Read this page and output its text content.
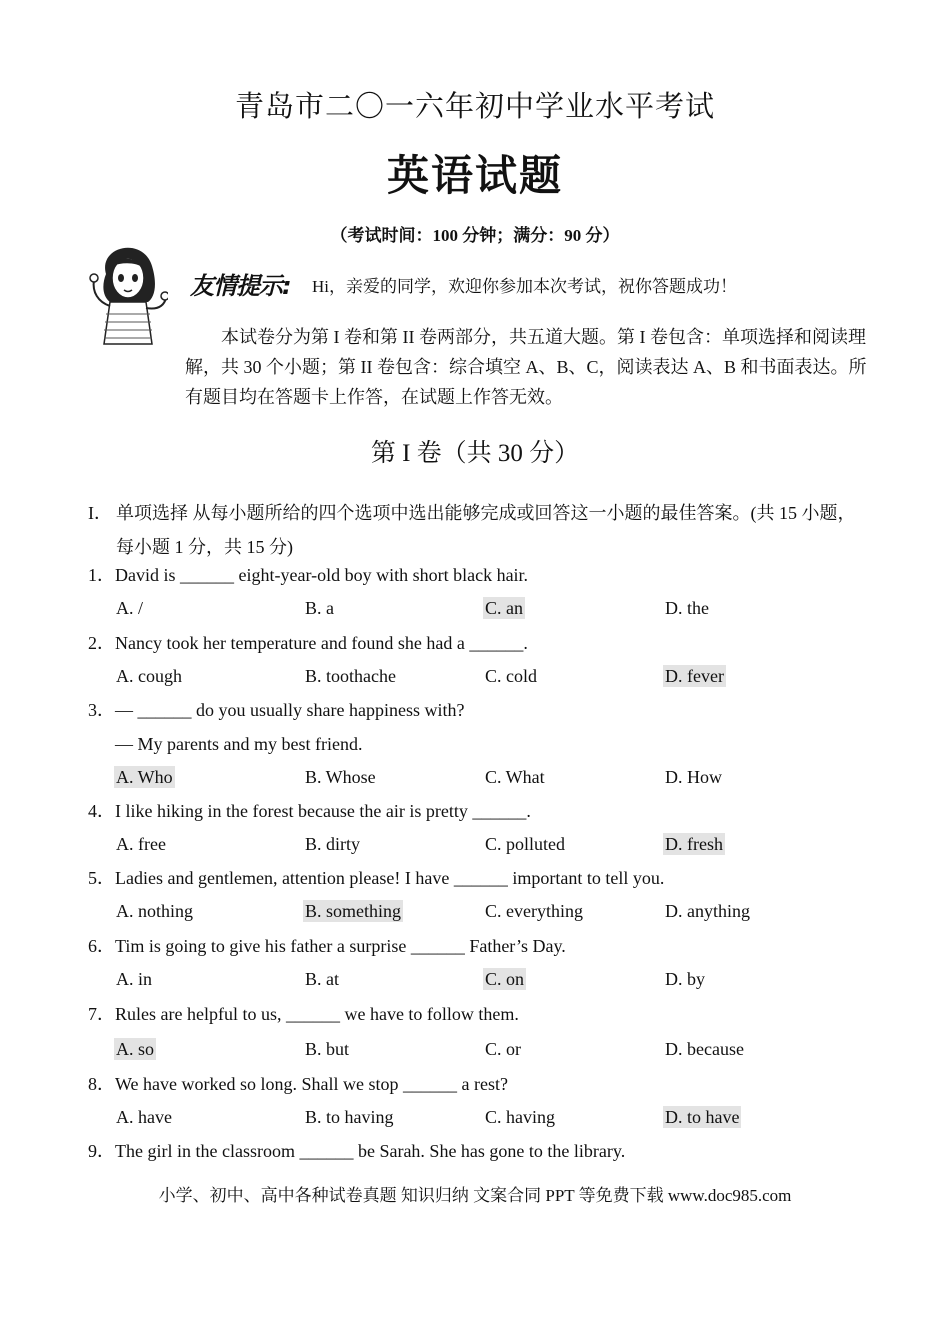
青岛市二〇一六年初中学业水平考试
英语试题
（考试时间：100 分钟；满分：90 分）
友情提示: Hi，亲爱的同学，欢迎你参加本次考试，祝你答题成功！
本试卷分为第 I 卷和第 II 卷两部分，共五道大题。第 I 卷包含：单项选择和阅读理解，共 30 个小题；第 II 卷包含：综合填空 A、B、C，阅读表达 A、B 和书面表达。所有题目均在答题卡上作答，在试题上作答无效。
第 I 卷（共 30 分）
I． 单项选择 从每小题所给的四个选项中选出能够完成或回答这一小题的最佳答案。(共 15 小题，每小题 1 分，共 15 分)
1．David is ______ eight-year-old boy with short black hair.
A. /	B. a	C. an	D. the
2．Nancy took her temperature and found she had a ______.
A. cough	B. toothache	C. cold	D. fever
3．— ______ do you usually share happiness with?
— My parents and my best friend.
A. Who	B. Whose	C. What	D. How
4．I like hiking in the forest because the air is pretty ______.
A. free	B. dirty	C. polluted	D. fresh
5．Ladies and gentlemen, attention please! I have ______ important to tell you.
A. nothing	B. something	C. everything	D. anything
6．Tim is going to give his father a surprise ______ Father’s Day.
A. in	B. at	C. on	D. by
7．Rules are helpful to us, ______ we have to follow them.
A. so	B. but	C. or	D. because
8．We have worked so long. Shall we stop ______ a rest?
A. have	B. to having	C. having	D. to have
9．The girl in the classroom ______ be Sarah. She has gone to the library.
小学、初中、高中各种试卷真题 知识归纳 文案合同 PPT 等免费下载 www.doc985.com
